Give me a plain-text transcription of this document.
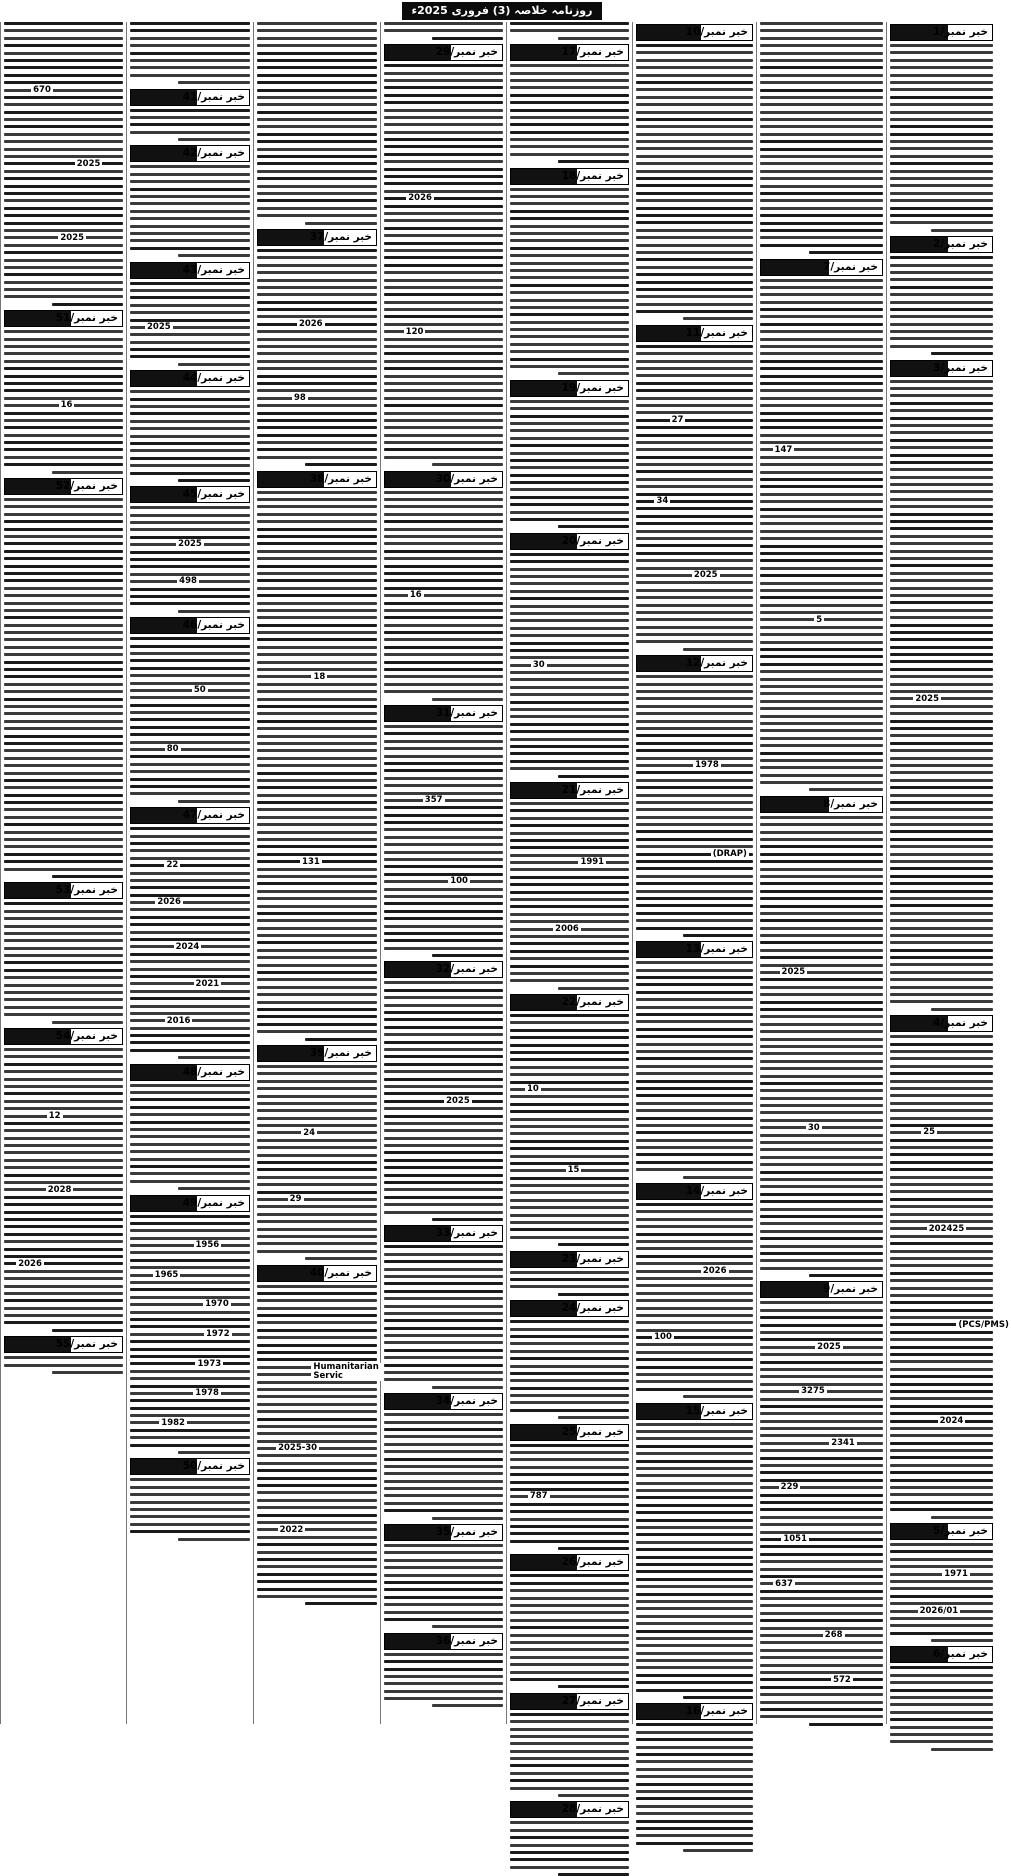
روزنامہ خلاصہ (3) فروری 2025ء
خبر نمبر/1
خبر نمبر/2
خبر نمبر/3
2025
خبر نمبر/4
25
202425
(PCS/PMS)
2024
خبر نمبر/5
1971
2026/01
خبر نمبر/6
خبر نمبر/7
147
5
خبر نمبر/8
2025
30
خبر نمبر/9
2025
3275
2341
229
1051
637
268
572
خبر نمبر/10
خبر نمبر/11
27
34
2025
خبر نمبر/12
1978
(DRAP)
خبر نمبر/13
خبر نمبر/14
2026
100
خبر نمبر/15
خبر نمبر/16
خبر نمبر/17
خبر نمبر/18
خبر نمبر/19
خبر نمبر/20
30
خبر نمبر/21
1991
2006
خبر نمبر/22
10
15
خبر نمبر/23
خبر نمبر/24
خبر نمبر/25
787
خبر نمبر/26
خبر نمبر/27
خبر نمبر/28
خبر نمبر/29
2026
120
خبر نمبر/30
16
خبر نمبر/31
357
100
خبر نمبر/32
2025
خبر نمبر/33
خبر نمبر/34
خبر نمبر/35
خبر نمبر/36
خبر نمبر/37
2026
98
خبر نمبر/38
18
131
خبر نمبر/39
24
29
خبر نمبر/40
Humanitarian Servic
2025-30
2022
خبر نمبر/41
خبر نمبر/42
خبر نمبر/43
2025
خبر نمبر/44
خبر نمبر/45
2025
498
خبر نمبر/46
50
80
خبر نمبر/47
22
2026
2024
2021
2016
خبر نمبر/48
خبر نمبر/49
1956
1965
1970
1972
1973
1978
1982
خبر نمبر/50
670
2025
2025
خبر نمبر/51
16
خبر نمبر/52
خبر نمبر/53
خبر نمبر/54
12
2028
2026
خبر نمبر/55
